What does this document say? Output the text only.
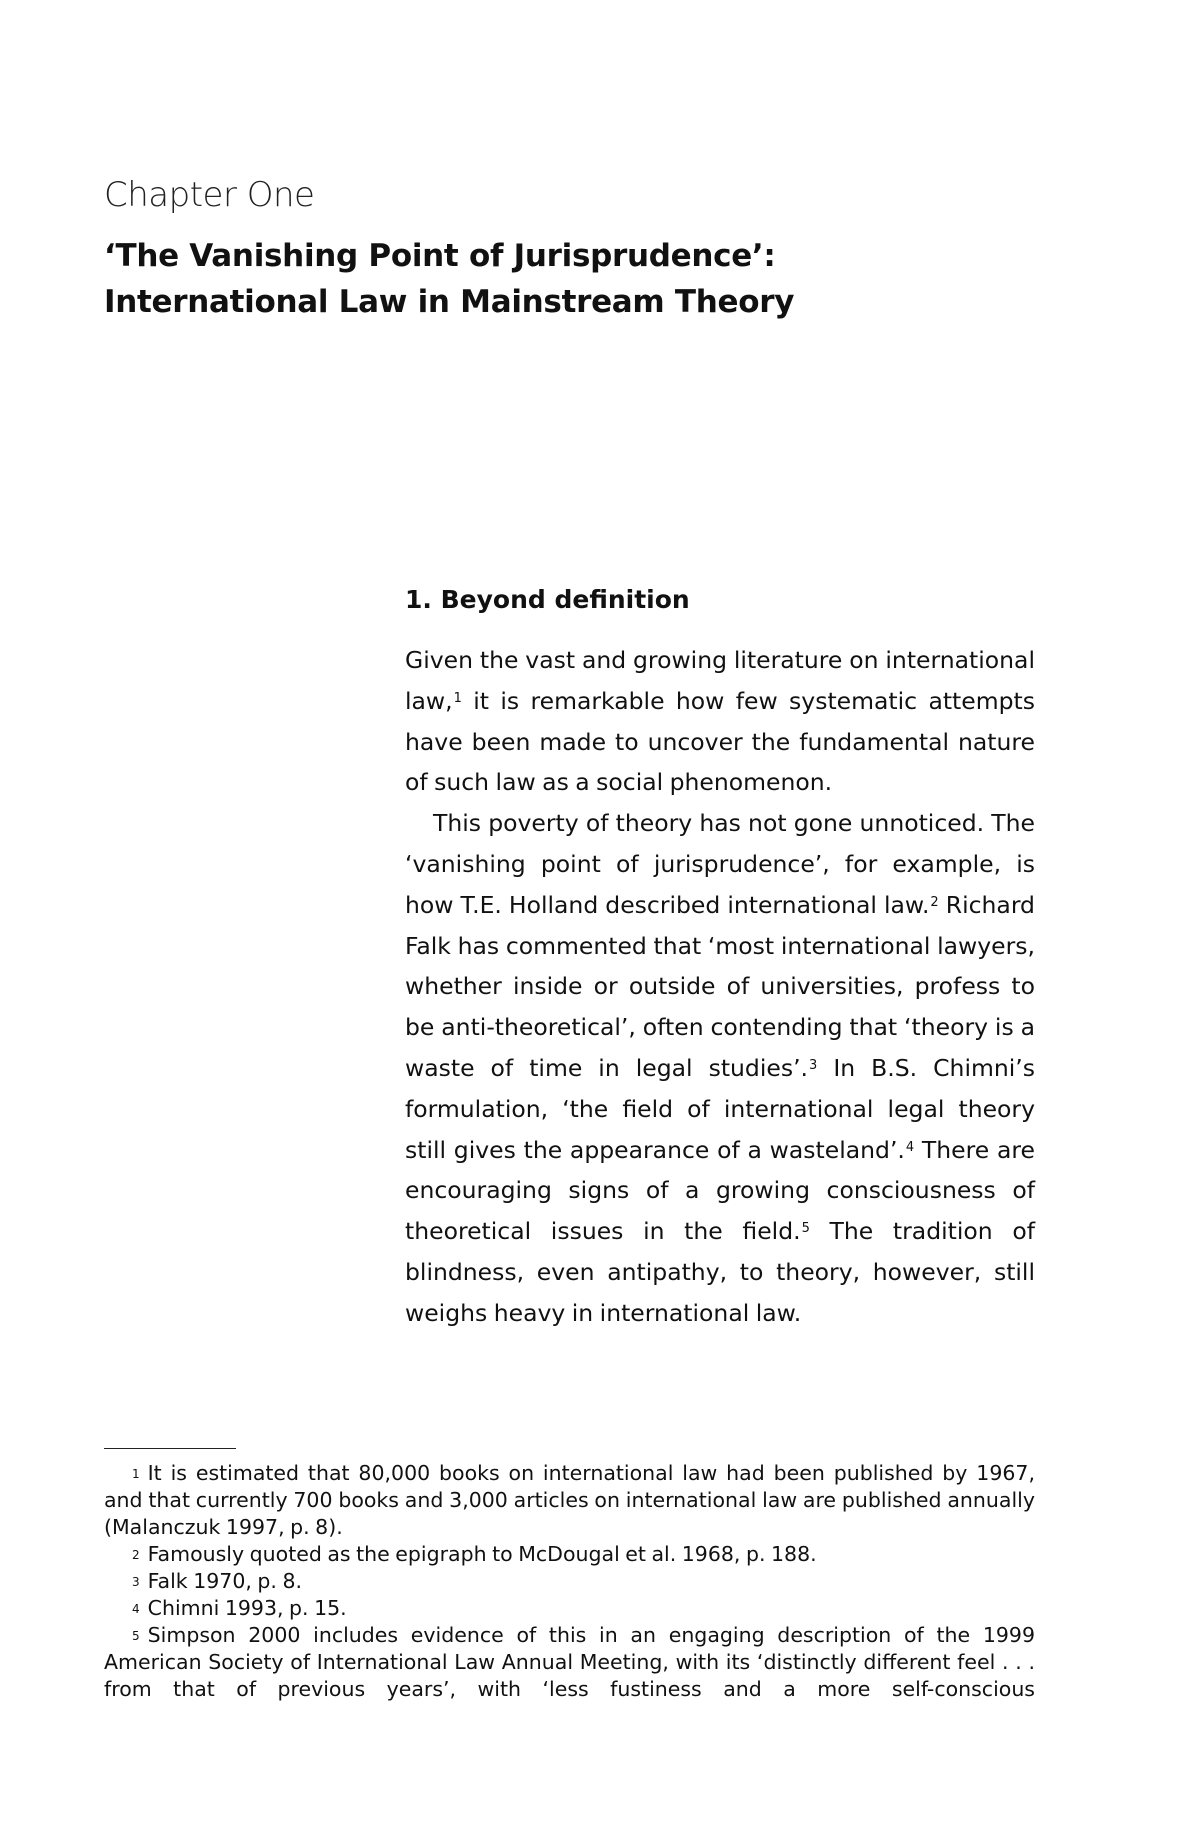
Chapter One
‘The Vanishing Point of Jurisprudence’:
International Law in Mainstream Theory
1. Beyond definition

Given the vast and growing literature on international law,$^1$ it is remarkable how few systematic attempts have been made to uncover the fundamental nature of such law as a social phenomenon.

This poverty of theory has not gone unnoticed. The ‘vanishing point of jurisprudence’, for example, is how T.E. Holland described international law.$^2$ Richard Falk has commented that ‘most international lawyers, whether inside or outside of universities, profess to be anti-theoretical’, often contending that ‘theory is a waste of time in legal studies’.$^3$ In B.S. Chimni’s formulation, ‘the field of international legal theory still gives the appearance of a wasteland’.$^4$ There are encouraging signs of a growing consciousness of theoretical issues in the field.$^5$ The tradition of blindness, even antipathy, to theory, however, still weighs heavy in international law.

$^1$ It is estimated that 80,000 books on international law had been published by 1967, and that currently 700 books and 3,000 articles on international law are published annually (Malanczuk 1997, p. 8).

$^2$ Famously quoted as the epigraph to McDougal et al. 1968, p. 188.

$^3$ Falk 1970, p. 8.

$^4$ Chimni 1993, p. 15.

$^5$ Simpson 2000 includes evidence of this in an engaging description of the 1999 American Society of International Law Annual Meeting, with its ‘distinctly different feel . . . from that of previous years’, with ‘less fustiness and a more self-conscious
